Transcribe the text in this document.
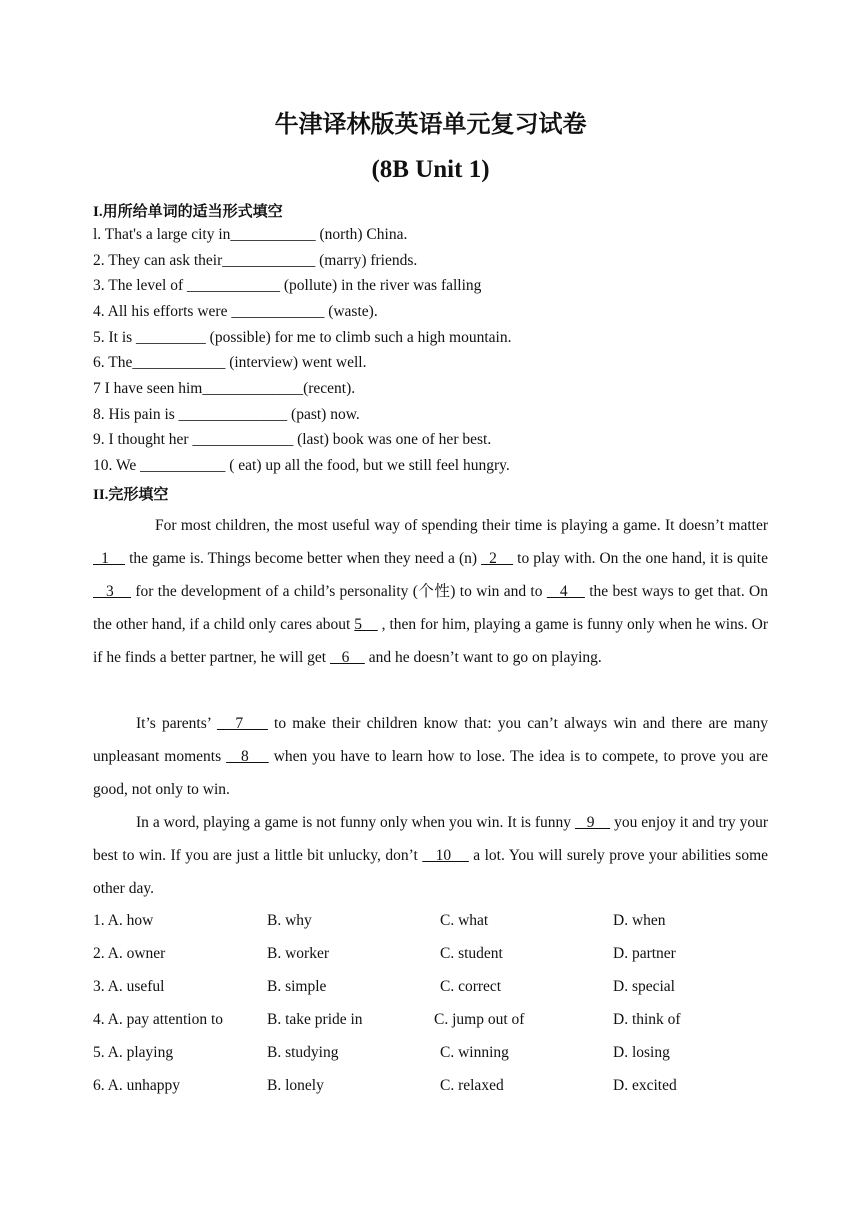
牛津译林版英语单元复习试卷
(8B Unit 1)
I.用所给单词的适当形式填空
l. That's a large city in___________ (north) China.
2. They can ask their____________ (marry) friends.
3. The level of ____________ (pollute) in the river was falling
4. All his efforts were ____________ (waste).
5. It is _________ (possible) for me to climb such a high mountain.
6. The____________ (interview) went well.
7 I have seen him_____________(recent).
8. His pain is ______________ (past) now.
9. I thought her _____________ (last) book was one of her best.
10. We ___________ ( eat) up all the food, but we still feel hungry.
II.完形填空
For most children, the most useful way of spending their time is playing a game. It doesn’t matter   1     the game is. Things become better when they need a (n)   2     to play with. On the one hand, it is quite    3     for the development of a child’s personality (个性) to win and to    4     the best ways to get that. On the other hand, if a child only cares about 5     , then for him, playing a game is funny only when he wins. Or if he finds a better partner, he will get    6     and he doesn’t want to go on playing.
It’s parents’    7     to make their children know that: you can’t always win and there are many unpleasant moments    8     when you have to learn how to lose. The idea is to compete, to prove you are good, not only to win.
In a word, playing a game is not funny only when you win. It is funny    9     you enjoy it and try your best to win. If you are just a little bit unlucky, don’t    10     a lot. You will surely prove your abilities some other day.
1. A. how	B. why	C. what	D. when
2. A. owner	B. worker	C. student	D. partner
3. A. useful	B. simple	C. correct	D. special
4. A. pay attention to	B. take pride in	C. jump out of	D. think of
5. A. playing	B. studying	C. winning	D. losing
6. A. unhappy	B. lonely	C. relaxed	D. excited
